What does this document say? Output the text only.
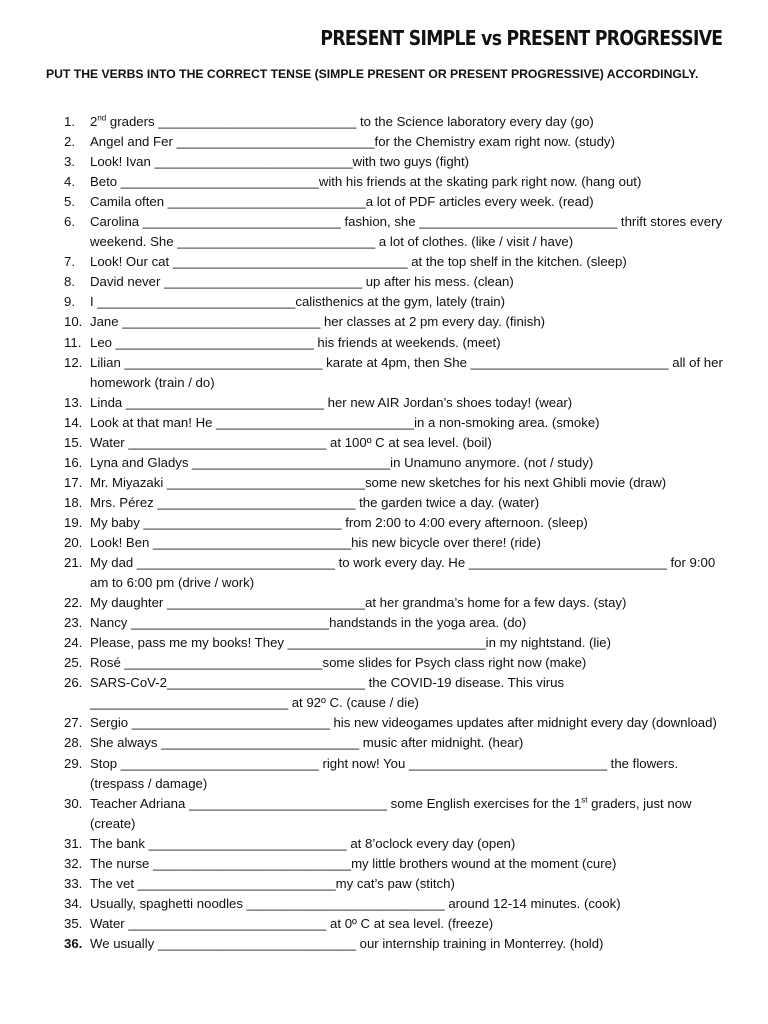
PRESENT SIMPLE vs PRESENT PROGRESSIVE
PUT THE VERBS INTO THE CORRECT TENSE (SIMPLE PRESENT OR PRESENT PROGRESSIVE) ACCORDINGLY.
1.	2nd graders ___________________________ to the Science laboratory every day (go)
2.	Angel and Fer ___________________________for the Chemistry exam right now. (study)
3.	Look! Ivan ___________________________with two guys (fight)
4.	Beto ___________________________with his friends at the skating park right now. (hang out)
5.	Camila often ___________________________a lot of PDF articles every week. (read)
6.	Carolina ___________________________ fashion, she ___________________________ thrift stores every weekend. She ___________________________ a lot of clothes. (like / visit / have)
7.	Look! Our cat ________________________________ at the top shelf in the kitchen. (sleep)
8.	David never ___________________________ up after his mess. (clean)
9.	I ___________________________calisthenics at the gym, lately (train)
10. Jane ___________________________ her classes at 2 pm every day. (finish)
11. Leo ___________________________ his friends at weekends. (meet)
12. Lilian ___________________________ karate at 4pm, then She ___________________________ all of her homework (train / do)
13. Linda ___________________________ her new AIR Jordan’s shoes today! (wear)
14. Look at that man! He ___________________________in a non-smoking area. (smoke)
15. Water ___________________________ at 100º C at sea level. (boil)
16. Lyna and Gladys ___________________________in Unamuno anymore. (not / study)
17. Mr. Miyazaki ___________________________some new sketches for his next Ghibli movie (draw)
18. Mrs. Pérez ___________________________ the garden twice a day. (water)
19. My baby ___________________________ from 2:00 to 4:00 every afternoon. (sleep)
20. Look! Ben ___________________________his new bicycle over there! (ride)
21. My dad ___________________________ to work every day. He ___________________________ for 9:00 am to 6:00 pm (drive / work)
22. My daughter ___________________________at her grandma’s home for a few days. (stay)
23. Nancy ___________________________handstands in the yoga area. (do)
24. Please, pass me my books! They ___________________________in my nightstand. (lie)
25. Rosé ___________________________some slides for Psych class right now (make)
26. SARS-CoV-2___________________________ the COVID-19 disease. This virus ___________________________ at 92º C. (cause / die)
27. Sergio ___________________________ his new videogames updates after midnight every day (download)
28. She always ___________________________ music after midnight. (hear)
29. Stop ___________________________ right now! You ___________________________ the flowers. (trespass / damage)
30. Teacher Adriana ___________________________ some English exercises for the 1st graders, just now (create)
31. The bank ___________________________ at 8’oclock every day (open)
32. The nurse ___________________________my little brothers wound at the moment (cure)
33. The vet ___________________________my cat’s paw (stitch)
34. Usually, spaghetti noodles ___________________________ around 12-14 minutes. (cook)
35. Water ___________________________ at 0º C at sea level. (freeze)
36. We usually ___________________________ our internship training in Monterrey. (hold)
